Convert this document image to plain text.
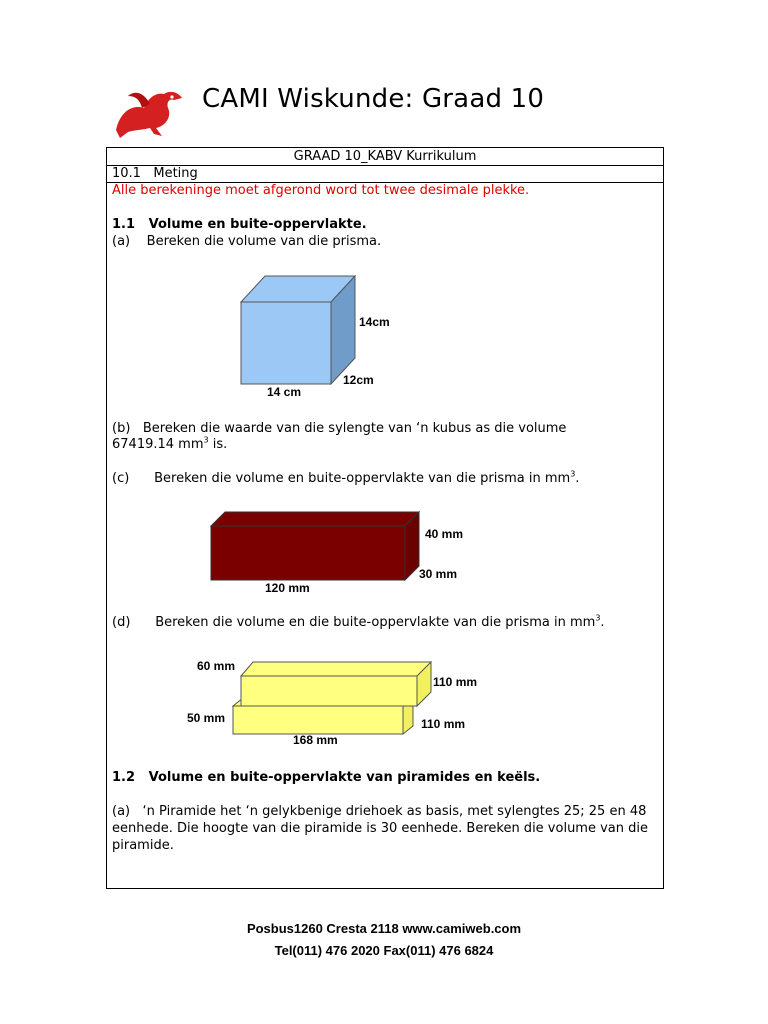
CAMI Wiskunde: Graad 10
GRAAD 10_KABV Kurrikulum
10.1 Meting
Alle berekeninge moet afgerond word tot twee desimale plekke.
1.1 Volume en buite-oppervlakte.
(a) Bereken die volume van die prisma.
14cm
12cm
14 cm
(b) Bereken die waarde van die sylengte van ‘n kubus as die volume
67419.14 $mm^3$ is.
(c) Bereken die volume en buite-oppervlakte van die prisma in $mm^3$.
40 mm
30 mm
120 mm
(d) Bereken die volume en die buite-oppervlakte van die prisma in $mm^3$.
60 mm
50 mm
110 mm
110 mm
168 mm
1.2 Volume en buite-oppervlakte van piramides en keëls.
(a) ‘n Piramide het ‘n gelykbenige driehoek as basis, met sylengtes 25; 25 en 48
eenhede. Die hoogte van die piramide is 30 eenhede. Bereken die volume van die
piramide.
Posbus1260 Cresta 2118 www.camiweb.com
Tel(011) 476 2020 Fax(011) 476 6824
